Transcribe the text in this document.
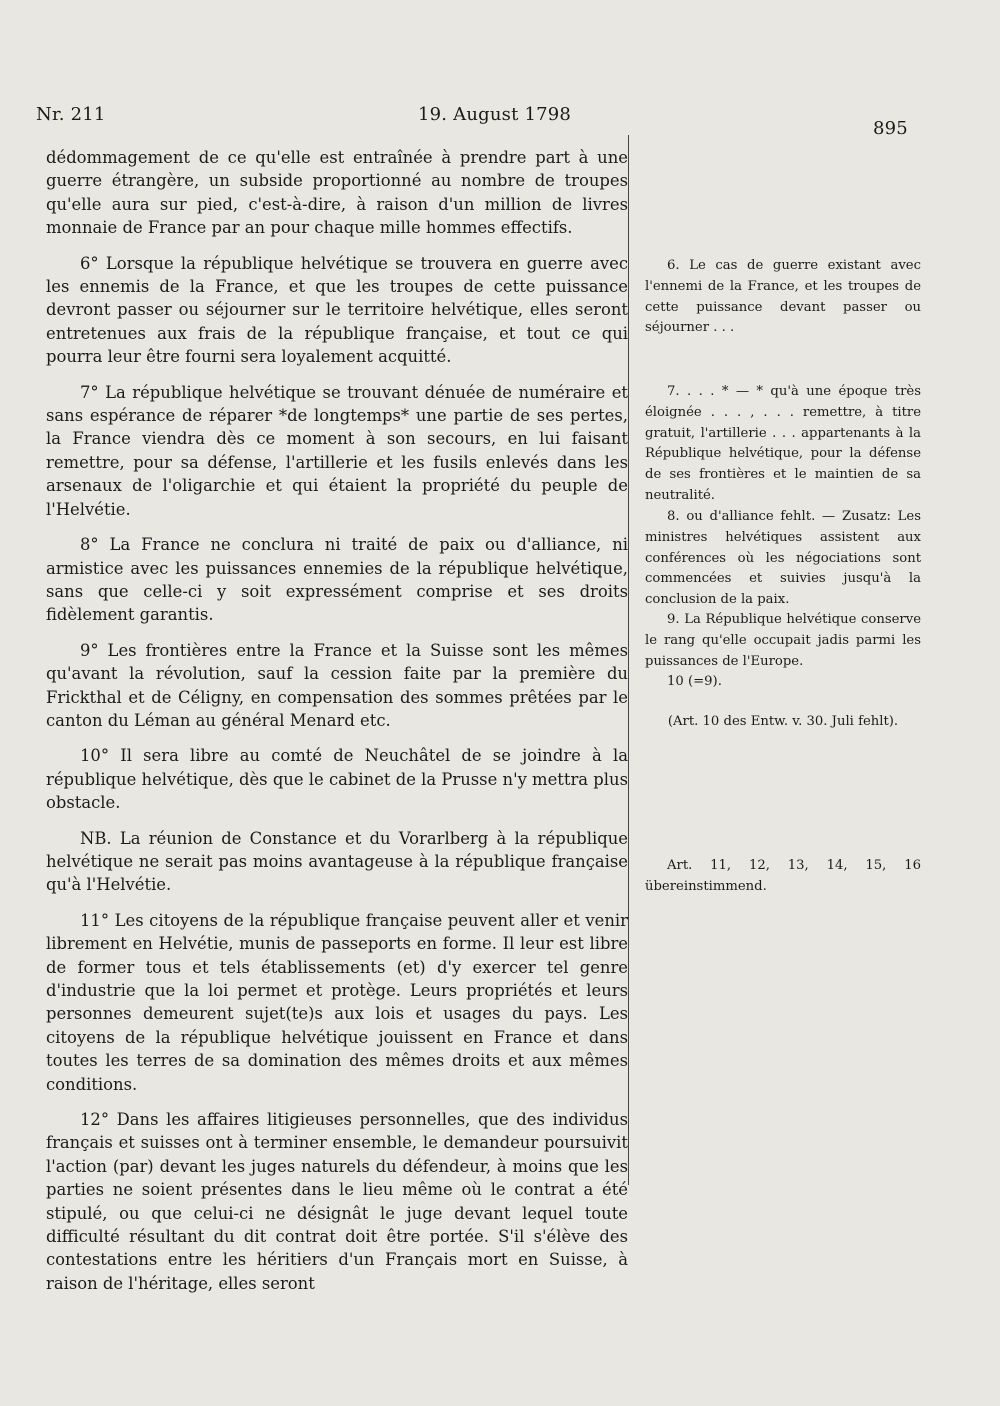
Nr. 211	19. August 1798
895

dédommagement de ce qu'elle est entraînée à prendre part à une guerre étrangère, un subside proportionné au nombre de troupes qu'elle aura sur pied, c'est-à-dire, à raison d'un million de livres monnaie de France par an pour chaque mille hommes effectifs.

6° Lorsque la république helvétique se trouvera en guerre avec les ennemis de la France, et que les troupes de cette puissance devront passer ou séjourner sur le territoire helvétique, elles seront entretenues aux frais de la république française, et tout ce qui pourra leur être fourni sera loyalement acquitté.

7° La république helvétique se trouvant dénuée de numéraire et sans espérance de réparer *de longtemps* une partie de ses pertes, la France viendra dès ce moment à son secours, en lui faisant remettre, pour sa défense, l'artillerie et les fusils enlevés dans les arsenaux de l'oligarchie et qui étaient la propriété du peuple de l'Helvétie.

8° La France ne conclura ni traité de paix ou d'alliance, ni armistice avec les puissances ennemies de la république helvétique, sans que celle-ci y soit expressément comprise et ses droits fidèlement garantis.

9° Les frontières entre la France et la Suisse sont les mêmes qu'avant la révolution, sauf la cession faite par la première du Frickthal et de Céligny, en compensation des sommes prêtées par le canton du Léman au général Menard etc.

10° Il sera libre au comté de Neuchâtel de se joindre à la république helvétique, dès que le cabinet de la Prusse n'y mettra plus obstacle.

NB. La réunion de Constance et du Vorarlberg à la république helvétique ne serait pas moins avantageuse à la république française qu'à l'Helvétie.

11° Les citoyens de la république française peuvent aller et venir librement en Helvétie, munis de passeports en forme. Il leur est libre de former tous et tels établissements (et) d'y exercer tel genre d'industrie que la loi permet et protège. Leurs propriétés et leurs personnes demeurent sujet(te)s aux lois et usages du pays. Les citoyens de la république helvétique jouissent en France et dans toutes les terres de sa domination des mêmes droits et aux mêmes conditions.

12° Dans les affaires litigieuses personnelles, que des individus français et suisses ont à terminer ensemble, le demandeur poursuivit l'action (par) devant les juges naturels du défendeur, à moins que les parties ne soient présentes dans le lieu même où le contrat a été stipulé, ou que celui-ci ne désignât le juge devant lequel toute difficulté résultant du dit contrat doit être portée. S'il s'élève des contestations entre les héritiers d'un Français mort en Suisse, à raison de l'héritage, elles seront

6. Le cas de guerre existant avec l'ennemi de la France, et les troupes de cette puissance devant passer ou séjourner . . .

7. . . . * — * qu'à une époque très éloignée . . . , . . . remettre, à titre gratuit, l'artillerie . . . appartenants à la République helvétique, pour la défense de ses frontières et le maintien de sa neutralité.

8. ou d'alliance fehlt. — Zusatz: Les ministres helvétiques assistent aux conférences où les négociations sont commencées et suivies jusqu'à la conclusion de la paix.

9. La République helvétique conserve le rang qu'elle occupait jadis parmi les puissances de l'Europe.

10 (=9).

(Art. 10 des Entw. v. 30. Juli fehlt).

Art. 11, 12, 13, 14, 15, 16 übereinstimmend.
